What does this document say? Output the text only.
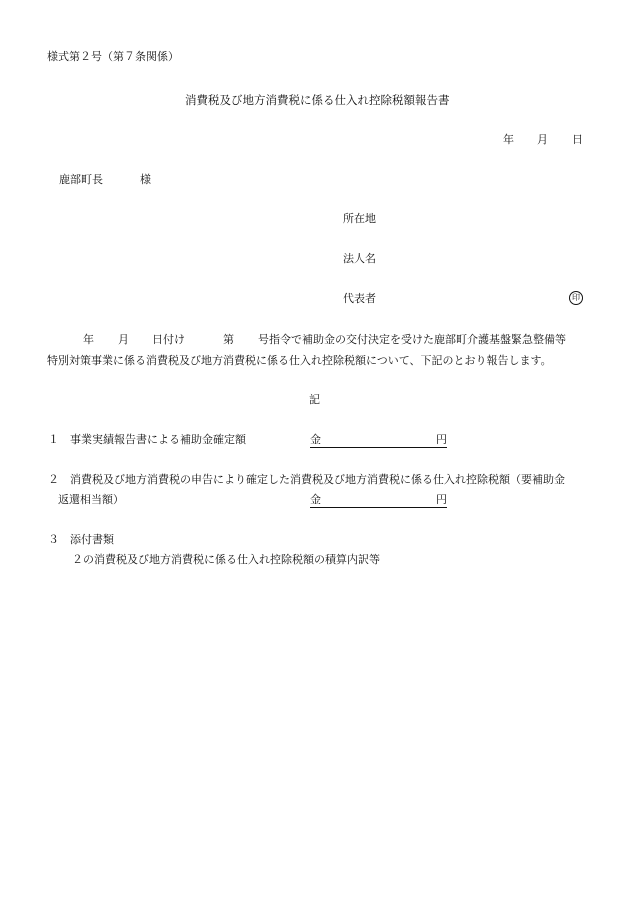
様式第２号（第７条関係）
消費税及び地方消費税に係る仕入れ控除税額報告書
年 月 日
鹿部町長	様
所在地
法人名
代表者	印
年 月 日付け	第 号指令で補助金の交付決定を受けた鹿部町介護基盤緊急整備等
特別対策事業に係る消費税及び地方消費税に係る仕入れ控除税額について、下記のとおり報告します。
記
１ 事業実績報告書による補助金確定額	金	円
２ 消費税及び地方消費税の申告により確定した消費税及び地方消費税に係る仕入れ控除税額（要補助金
返還相当額）	金	円
３ 添付書類
２の消費税及び地方消費税に係る仕入れ控除税額の積算内訳等
